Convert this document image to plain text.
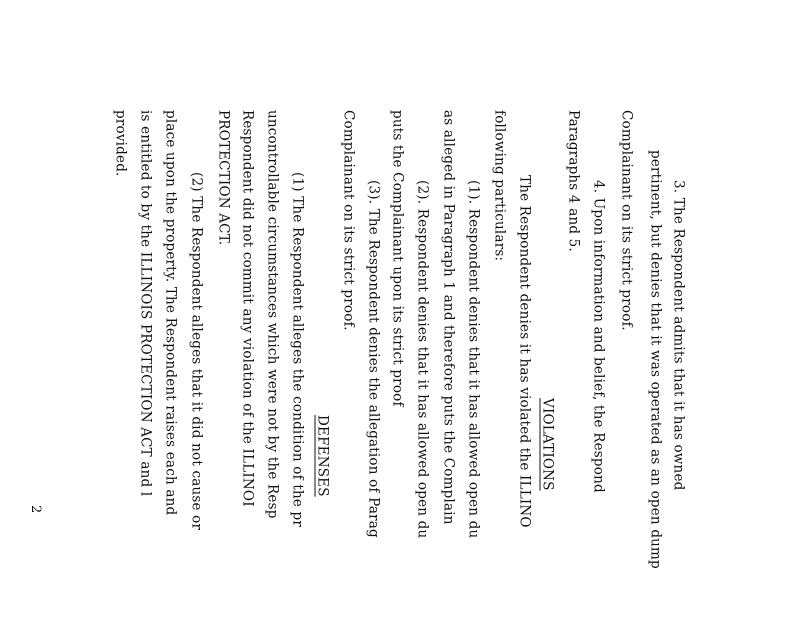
3. The Respondent admits that it has owned
pertinent, but denies that it was operated as an open dump
Complainant on its strict proof.
4. Upon information and belief, the Respond
Paragraphs 4 and 5.
VIOLATIONS
The Respondent denies it has violated the ILLINO
following particulars:
(1). Respondent denies that it has allowed open du
as alleged in Paragraph 1 and therefore puts the Complain
(2). Respondent denies that it has allowed open du
puts the Complainant upon its strict proof
(3). The Respondent denies the allegation of Parag
Complainant on its strict proof.
DEFENSES
(1) The Respondent alleges the condition of the pr
uncontrollable circumstances which were not by the Resp
Respondent did not commit any violation of the ILLINOI
PROTECTION ACT.
(2) The Respondent alleges that it did not cause or
place upon the property. The Respondent raises each and
is entitled to by the ILLINOIS PROTECTION ACT and l
provided.
2
